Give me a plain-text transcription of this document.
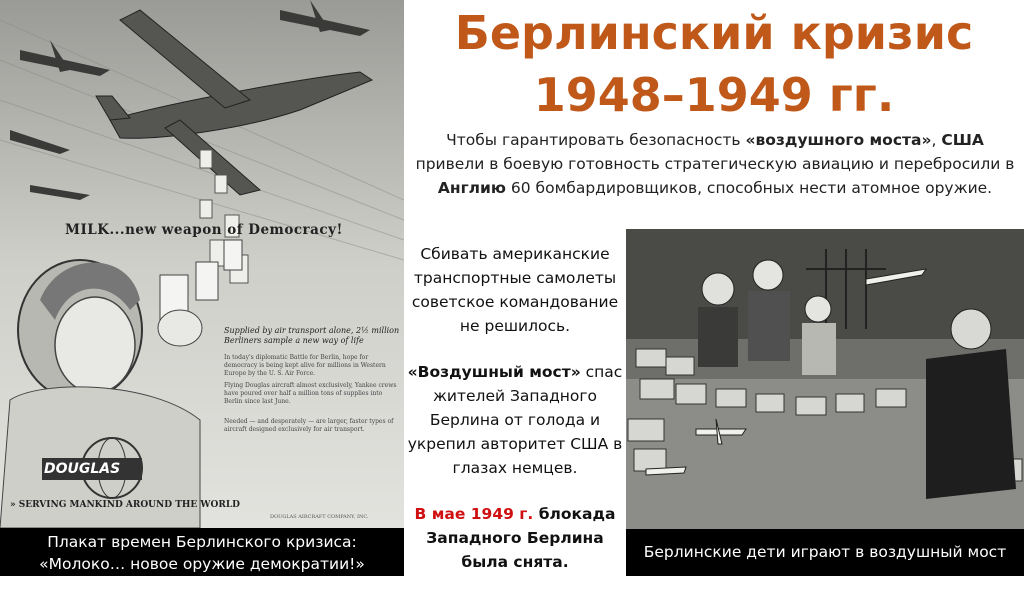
MILK...new weapon of Democracy!
Supplied by air transport alone, 2½ million Berliners sample a new way of life
In today's diplomatic Battle for Berlin, hope for democracy is being kept alive for millions in Western Europe by the U. S. Air Force.
Flying Douglas aircraft almost exclusively, Yankee crews have poured over half a million tons of supplies into Berlin since last June.
Needed — and desperately — are larger, faster types of aircraft designed exclusively for air transport.
DOUGLAS
» SERVING MANKIND AROUND THE WORLD
DOUGLAS AIRCRAFT COMPANY, INC.
Плакат времен Берлинского кризиса:
«Молоко… новое оружие демократии!»
Берлинский кризис
1948–1949 гг.
Чтобы гарантировать безопасность «воздушного моста», США привели в боевую готовность стратегическую авиацию и перебросили в Англию 60 бомбардировщиков, способных нести атомное оружие.

Сбивать американские транспортные самолеты советское командование не решилось.

«Воздушный мост» спас жителей Западного Берлина от голода и укрепил авторитет США в глазах немцев.

В мае 1949 г. блокада Западного Берлина была снята.

Берлинские дети играют в воздушный мост
